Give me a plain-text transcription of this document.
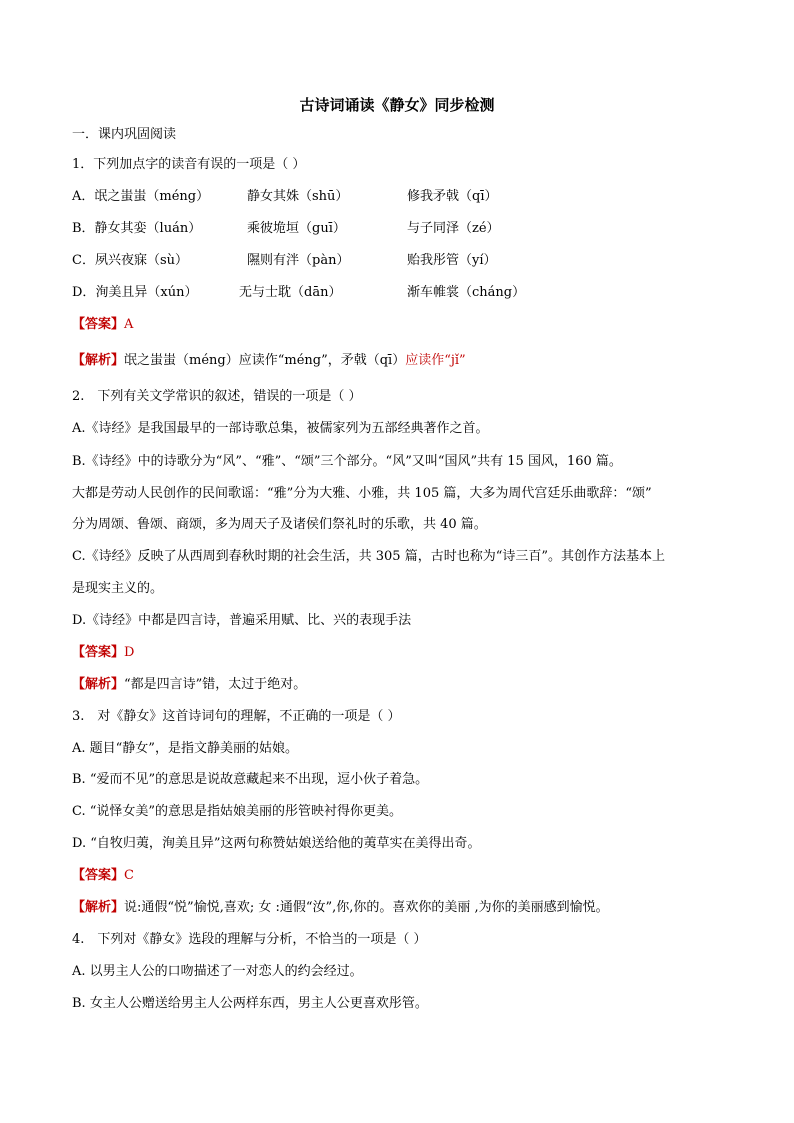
古诗词诵读《静女》同步检测
一．课内巩固阅读
1．下列加点字的读音有误的一项是（ ）
A．氓之蚩蚩（méng）	静女其姝（shū）	修我矛戟（qī）
B．静女其娈（luán）	乘彼垝垣（guī）	与子同泽（zé）
C．夙兴夜寐（sù）	隰则有泮（pàn）	贻我彤管（yí）
D．洵美且异（xún）	无与士耽（dān）	渐车帷裳（cháng）
【答案】A
【解析】氓之蚩蚩（méng）应读作“méng”，矛戟（qī）应读作“jǐ”
2.　下列有关文学常识的叙述，错误的一项是（ ）
A.《诗经》是我国最早的一部诗歌总集，被儒家列为五部经典著作之首。
B.《诗经》中的诗歌分为“风”、“雅”、“颂”三个部分。“风”又叫“国风”共有 15 国风，160 篇。
大都是劳动人民创作的民间歌谣：“雅”分为大雅、小雅，共 105 篇，大多为周代宫廷乐曲歌辞：“颂”
分为周颂、鲁颂、商颂，多为周天子及诸侯们祭礼时的乐歌，共 40 篇。
C.《诗经》反映了从西周到春秋时期的社会生活，共 305 篇，古时也称为“诗三百”。其创作方法基本上
是现实主义的。
D.《诗经》中都是四言诗，普遍采用赋、比、兴的表现手法
【答案】D
【解析】“都是四言诗”错，太过于绝对。
3.　对《静女》这首诗词句的理解，不正确的一项是（ ）
A. 题目“静女”，是指文静美丽的姑娘。
B. “爱而不见”的意思是说故意藏起来不出现，逗小伙子着急。
C. “说怿女美”的意思是指姑娘美丽的彤管映衬得你更美。
D. “自牧归荑，洵美且异”这两句称赞姑娘送给他的荑草实在美得出奇。
【答案】C
【解析】说:通假“悦”愉悦,喜欢; 女 :通假“汝”,你,你的。喜欢你的美丽 ,为你的美丽感到愉悦。
4.　下列对《静女》选段的理解与分析，不恰当的一项是（ ）
A. 以男主人公的口吻描述了一对恋人的约会经过。
B. 女主人公赠送给男主人公两样东西，男主人公更喜欢彤管。
